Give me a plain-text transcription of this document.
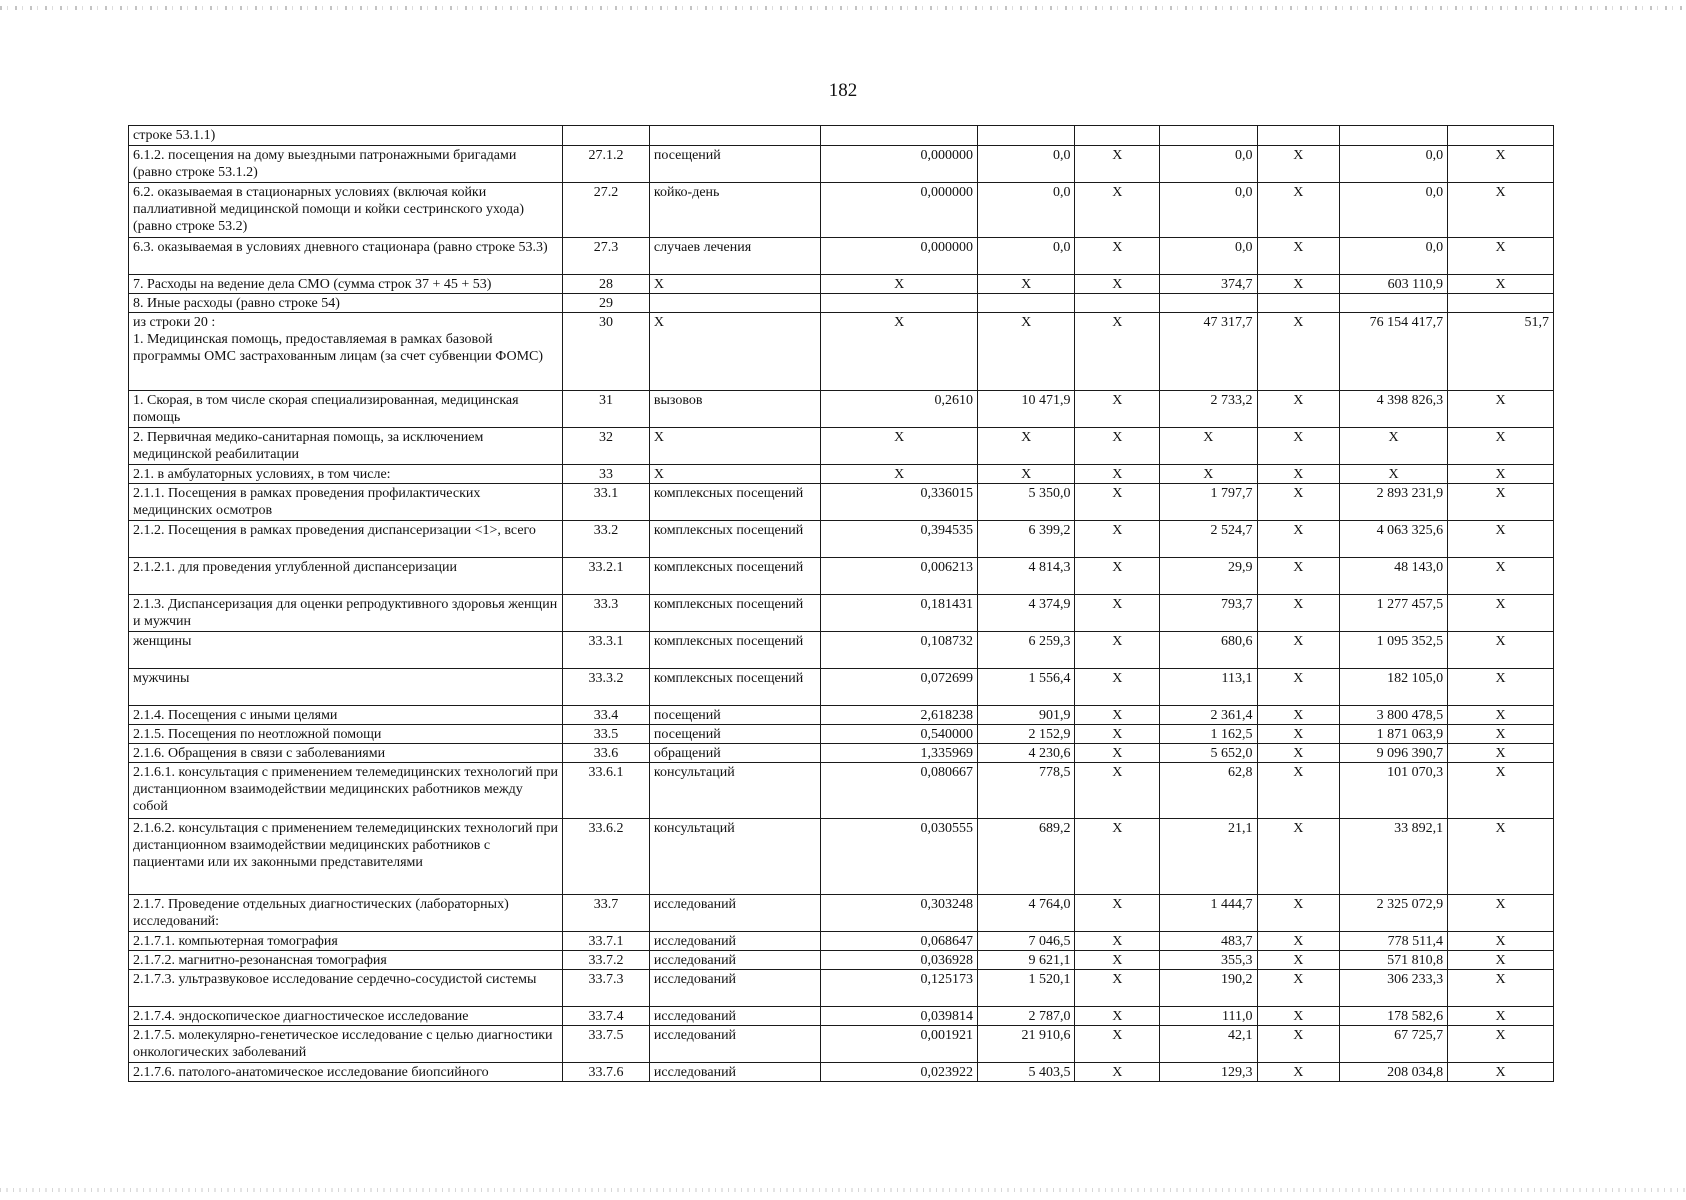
182
строке 53.1.1)									
6.1.2. посещения на дому выездными патронажными бригадами (равно строке 53.1.2)	27.1.2	посещений	0,000000	0,0	X	0,0	X	0,0	X
6.2. оказываемая в стационарных условиях (включая койки паллиативной медицинской помощи и койки сестринского ухода) (равно строке 53.2)	27.2	койко-день	0,000000	0,0	X	0,0	X	0,0	X
6.3. оказываемая в условиях дневного стационара (равно строке 53.3)	27.3	случаев лечения	0,000000	0,0	X	0,0	X	0,0	X
7. Расходы на ведение дела СМО (сумма строк 37 + 45 + 53)	28	X	X	X	X	374,7	X	603 110,9	X
8. Иные расходы (равно строке 54)	29								
из строки 20 :
1. Медицинская помощь, предоставляемая в рамках базовой программы ОМС застрахованным лицам (за счет субвенции ФОМС)	30	X	X	X	X	47 317,7	X	76 154 417,7	51,7
1. Скорая, в том числе скорая специализированная, медицинская помощь	31	вызовов	0,2610	10 471,9	X	2 733,2	X	4 398 826,3	X
2. Первичная медико-санитарная помощь, за исключением медицинской реабилитации	32	X	X	X	X	X	X	X	X
2.1. в амбулаторных условиях, в том числе:	33	X	X	X	X	X	X	X	X
2.1.1. Посещения в рамках проведения профилактических медицинских осмотров	33.1	комплексных посещений	0,336015	5 350,0	X	1 797,7	X	2 893 231,9	X
2.1.2. Посещения в рамках проведения диспансеризации <1>, всего	33.2	комплексных посещений	0,394535	6 399,2	X	2 524,7	X	4 063 325,6	X
2.1.2.1. для проведения углубленной диспансеризации	33.2.1	комплексных посещений	0,006213	4 814,3	X	29,9	X	48 143,0	X
2.1.3. Диспансеризация для оценки репродуктивного здоровья женщин и мужчин	33.3	комплексных посещений	0,181431	4 374,9	X	793,7	X	1 277 457,5	X
женщины	33.3.1	комплексных посещений	0,108732	6 259,3	X	680,6	X	1 095 352,5	X
мужчины	33.3.2	комплексных посещений	0,072699	1 556,4	X	113,1	X	182 105,0	X
2.1.4. Посещения с иными целями	33.4	посещений	2,618238	901,9	X	2 361,4	X	3 800 478,5	X
2.1.5. Посещения по неотложной помощи	33.5	посещений	0,540000	2 152,9	X	1 162,5	X	1 871 063,9	X
2.1.6. Обращения в связи с заболеваниями	33.6	обращений	1,335969	4 230,6	X	5 652,0	X	9 096 390,7	X
2.1.6.1. консультация с применением телемедицинских технологий при дистанционном взаимодействии медицинских работников между собой	33.6.1	консультаций	0,080667	778,5	X	62,8	X	101 070,3	X
2.1.6.2. консультация с применением телемедицинских технологий при дистанционном взаимодействии медицинских работников с пациентами или их законными представителями	33.6.2	консультаций	0,030555	689,2	X	21,1	X	33 892,1	X
2.1.7. Проведение отдельных диагностических (лабораторных) исследований:	33.7	исследований	0,303248	4 764,0	X	1 444,7	X	2 325 072,9	X
2.1.7.1. компьютерная томография	33.7.1	исследований	0,068647	7 046,5	X	483,7	X	778 511,4	X
2.1.7.2. магнитно-резонансная томография	33.7.2	исследований	0,036928	9 621,1	X	355,3	X	571 810,8	X
2.1.7.3. ультразвуковое исследование сердечно-сосудистой системы	33.7.3	исследований	0,125173	1 520,1	X	190,2	X	306 233,3	X
2.1.7.4. эндоскопическое диагностическое исследование	33.7.4	исследований	0,039814	2 787,0	X	111,0	X	178 582,6	X
2.1.7.5. молекулярно-генетическое исследование с целью диагностики онкологических заболеваний	33.7.5	исследований	0,001921	21 910,6	X	42,1	X	67 725,7	X
2.1.7.6. патолого-анатомическое исследование биопсийного	33.7.6	исследований	0,023922	5 403,5	X	129,3	X	208 034,8	X
